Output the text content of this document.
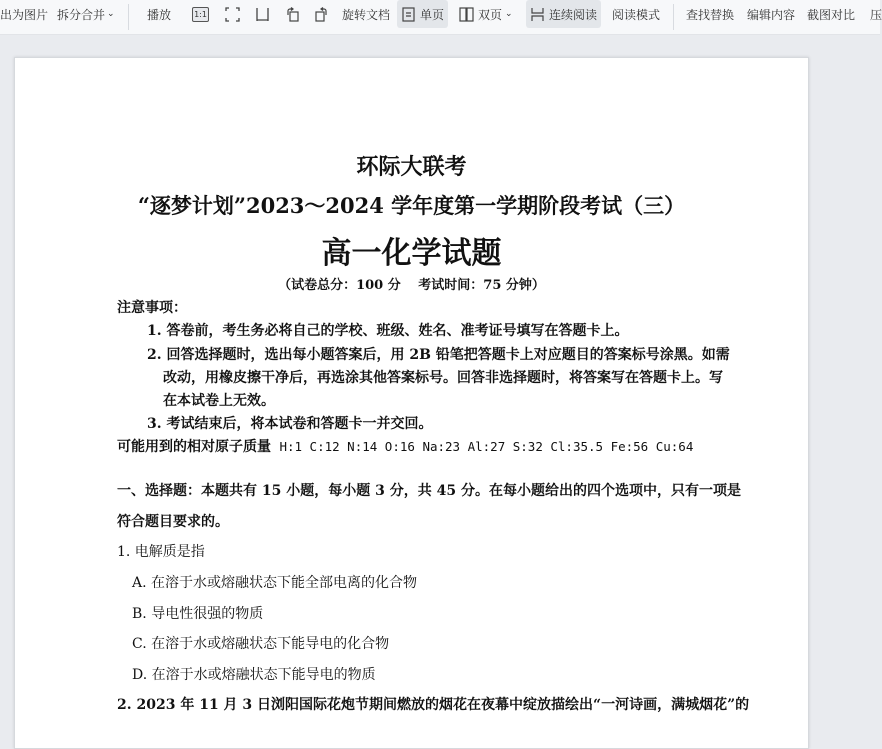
出为图片 拆分合并 ⌄	播放	1:1	旋转文档 单页	双页 ⌄	连续阅读 阅读模式 查找替换 编辑内容 截图对比 压
环际大联考
“逐梦计划”2023～2024 学年度第一学期阶段考试（三）
高一化学试题
（试卷总分：100 分　 考试时间：75 分钟）
注意事项：
1. 答卷前，考生务必将自己的学校、班级、姓名、准考证号填写在答题卡上。
2. 回答选择题时，选出每小题答案后，用 2B 铅笔把答题卡上对应题目的答案标号涂黑。如需
改动，用橡皮擦干净后，再选涂其他答案标号。回答非选择题时，将答案写在答题卡上。写
在本试卷上无效。
3. 考试结束后，将本试卷和答题卡一并交回。
可能用到的相对原子质量 H:1 C:12 N:14 O:16 Na:23 Al:27 S:32 Cl:35.5 Fe:56 Cu:64
一、选择题：本题共有 15 小题，每小题 3 分，共 45 分。在每小题给出的四个选项中，只有一项是
符合题目要求的。
1. 电解质是指
A. 在溶于水或熔融状态下能全部电离的化合物
B. 导电性很强的物质
C. 在溶于水或熔融状态下能导电的化合物
D. 在溶于水或熔融状态下能导电的物质
2. 2023 年 11 月 3 日浏阳国际花炮节期间燃放的烟花在夜幕中绽放描绘出“一河诗画，满城烟花”的
